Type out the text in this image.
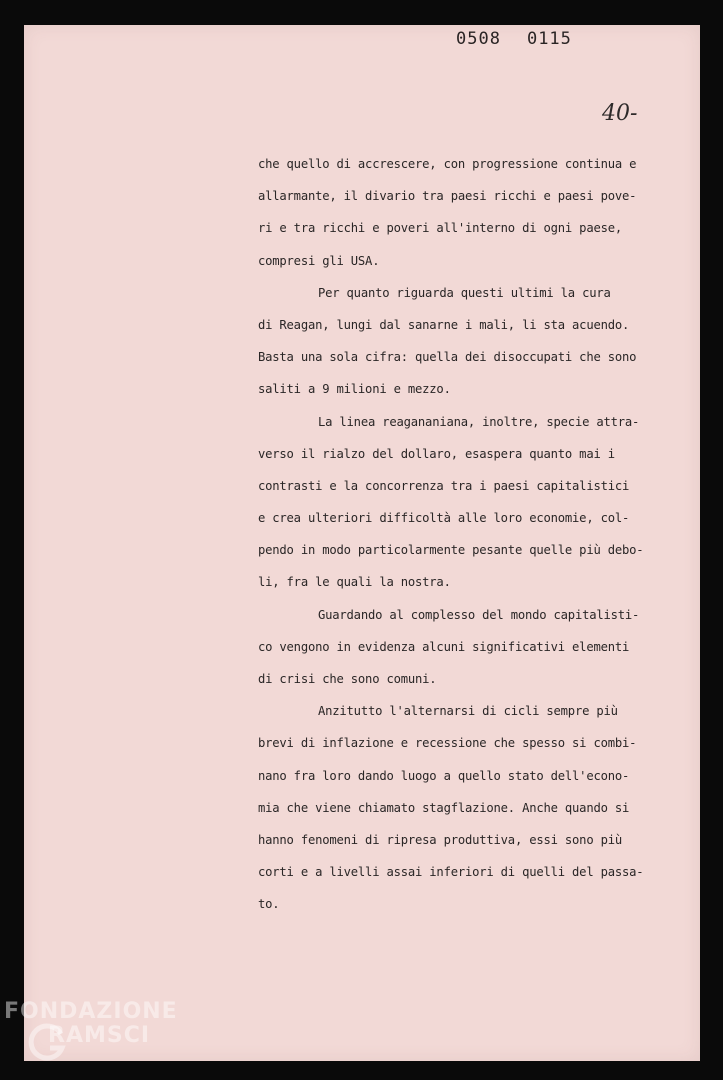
0508 0115
40-
che quello di accrescere, con progressione continua e
allarmante, il divario tra paesi ricchi e paesi pove-
ri e tra ricchi e poveri all'interno di ogni paese,
compresi gli USA.
Per quanto riguarda questi ultimi la cura
di Reagan, lungi dal sanarne i mali, li sta acuendo.
Basta una sola cifra: quella dei disoccupati che sono
saliti a 9 milioni e mezzo.
La linea reagananiana, inoltre, specie attra-
verso il rialzo del dollaro, esaspera quanto mai i
contrasti e la concorrenza tra i paesi capitalistici
e crea ulteriori difficoltà alle loro economie, col-
pendo in modo particolarmente pesante quelle più debo-
li, fra le quali la nostra.
Guardando al complesso del mondo capitalisti-
co vengono in evidenza alcuni significativi elementi
di crisi che sono comuni.
Anzitutto l'alternarsi di cicli sempre più
brevi di inflazione e recessione che spesso si combi-
nano fra loro dando luogo a quello stato dell'econo-
mia che viene chiamato stagflazione. Anche quando si
hanno fenomeni di ripresa produttiva, essi sono più
corti e a livelli assai inferiori di quelli del passa-
to.
FONDAZIONE
RAMSCI
